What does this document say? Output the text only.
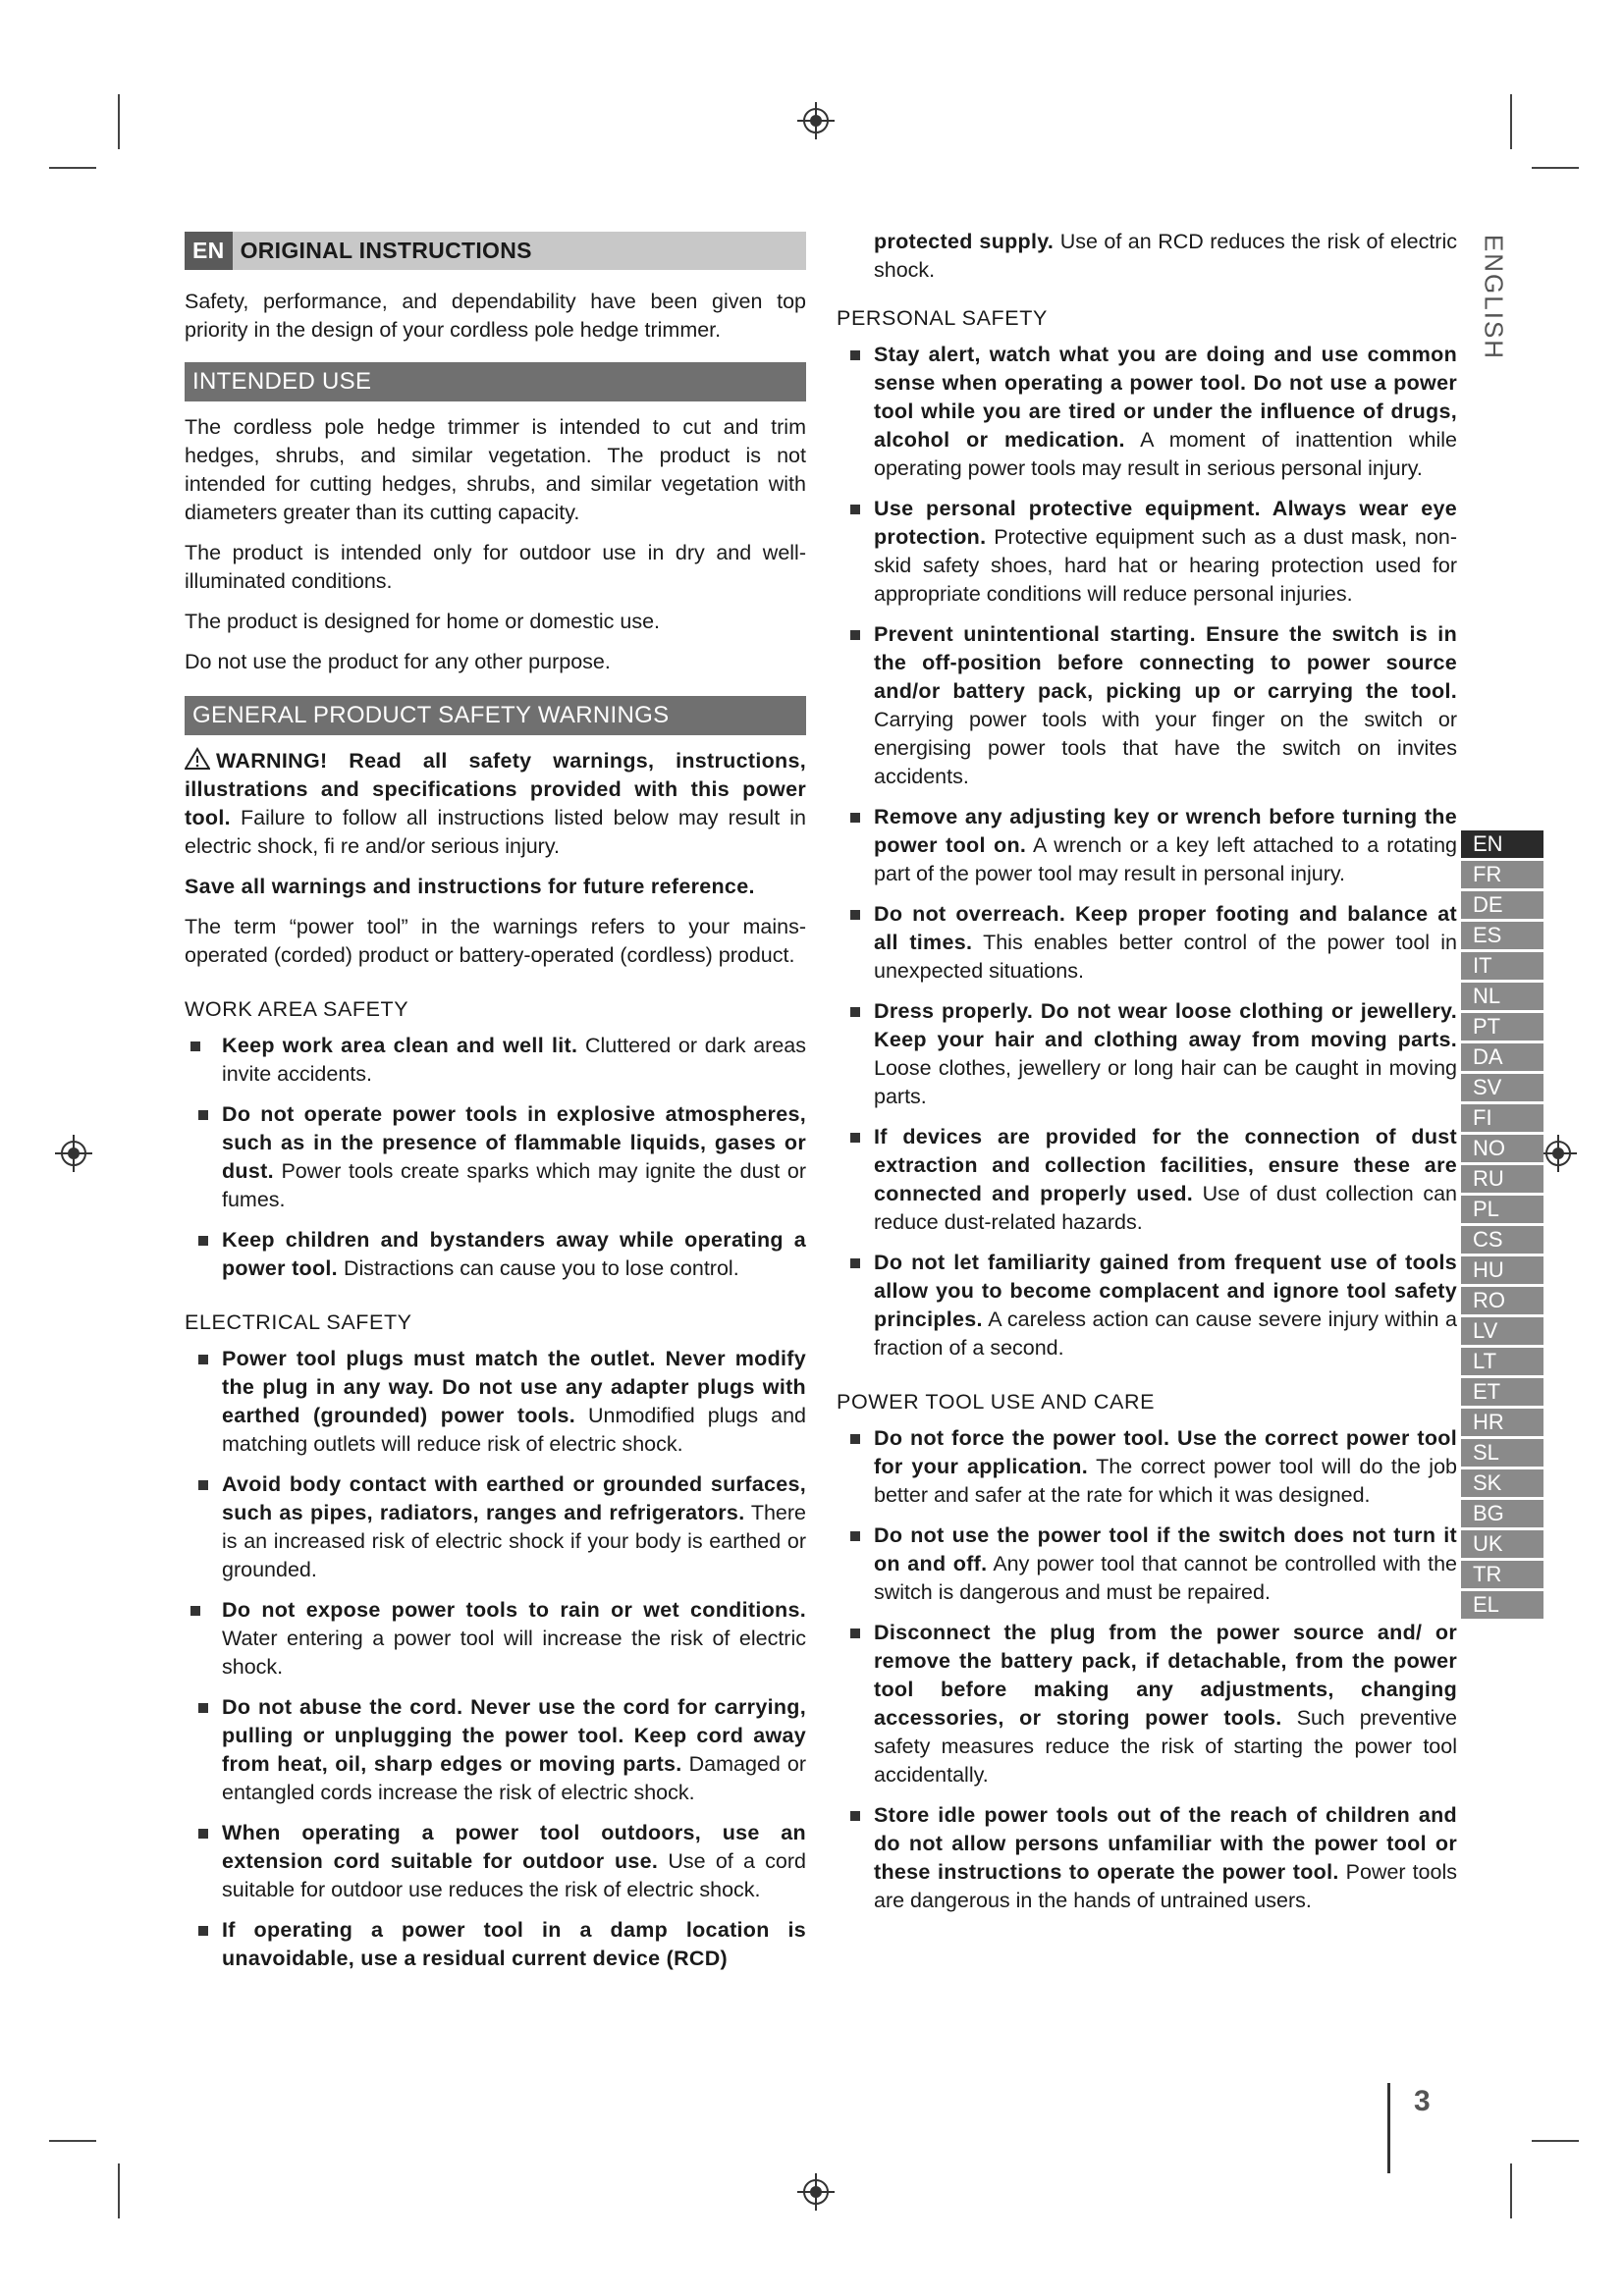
EN ORIGINAL INSTRUCTIONS

Safety, performance, and dependability have been given top priority in the design of your cordless pole hedge trimmer.

INTENDED USE

The cordless pole hedge trimmer is intended to cut and trim hedges, shrubs, and similar vegetation. The product is not intended for cutting hedges, shrubs, and similar vegetation with diameters greater than its cutting capacity.

The product is intended only for outdoor use in dry and well-illuminated conditions.

The product is designed for home or domestic use.

Do not use the product for any other purpose.

GENERAL PRODUCT SAFETY WARNINGS

WARNING! Read all safety warnings, instructions, illustrations and specifications provided with this power tool. Failure to follow all instructions listed below may result in electric shock, fi re and/or serious injury.

Save all warnings and instructions for future reference.

The term “power tool” in the warnings refers to your mains-operated (corded) product or battery-operated (cordless) product.

WORK AREA SAFETY
Keep work area clean and well lit. Cluttered or dark areas invite accidents.
Do not operate power tools in explosive atmospheres, such as in the presence of flammable liquids, gases or dust. Power tools create sparks which may ignite the dust or fumes.
Keep children and bystanders away while operating a power tool. Distractions can cause you to lose control.
ELECTRICAL SAFETY
Power tool plugs must match the outlet. Never modify the plug in any way. Do not use any adapter plugs with earthed (grounded) power tools. Unmodified plugs and matching outlets will reduce risk of electric shock.
Avoid body contact with earthed or grounded surfaces, such as pipes, radiators, ranges and refrigerators. There is an increased risk of electric shock if your body is earthed or grounded.
Do not expose power tools to rain or wet conditions. Water entering a power tool will increase the risk of electric shock.
Do not abuse the cord. Never use the cord for carrying, pulling or unplugging the power tool. Keep cord away from heat, oil, sharp edges or moving parts. Damaged or entangled cords increase the risk of electric shock.
When operating a power tool outdoors, use an extension cord suitable for outdoor use. Use of a cord suitable for outdoor use reduces the risk of electric shock.
If operating a power tool in a damp location is unavoidable, use a residual current device (RCD)

protected supply. Use of an RCD reduces the risk of electric shock.

PERSONAL SAFETY
Stay alert, watch what you are doing and use common sense when operating a power tool. Do not use a power tool while you are tired or under the influence of drugs, alcohol or medication. A moment of inattention while operating power tools may result in serious personal injury.
Use personal protective equipment. Always wear eye protection. Protective equipment such as a dust mask, non-skid safety shoes, hard hat or hearing protection used for appropriate conditions will reduce personal injuries.
Prevent unintentional starting. Ensure the switch is in the off-position before connecting to power source and/or battery pack, picking up or carrying the tool. Carrying power tools with your finger on the switch or energising power tools that have the switch on invites accidents.
Remove any adjusting key or wrench before turning the power tool on. A wrench or a key left attached to a rotating part of the power tool may result in personal injury.
Do not overreach. Keep proper footing and balance at all times. This enables better control of the power tool in unexpected situations.
Dress properly. Do not wear loose clothing or jewellery. Keep your hair and clothing away from moving parts. Loose clothes, jewellery or long hair can be caught in moving parts.
If devices are provided for the connection of dust extraction and collection facilities, ensure these are connected and properly used. Use of dust collection can reduce dust-related hazards.
Do not let familiarity gained from frequent use of tools allow you to become complacent and ignore tool safety principles. A careless action can cause severe injury within a fraction of a second.
POWER TOOL USE AND CARE
Do not force the power tool. Use the correct power tool for your application. The correct power tool will do the job better and safer at the rate for which it was designed.
Do not use the power tool if the switch does not turn it on and off. Any power tool that cannot be controlled with the switch is dangerous and must be repaired.
Disconnect the plug from the power source and/ or remove the battery pack, if detachable, from the power tool before making any adjustments, changing accessories, or storing power tools. Such preventive safety measures reduce the risk of starting the power tool accidentally.
Store idle power tools out of the reach of children and do not allow persons unfamiliar with the power tool or these instructions to operate the power tool. Power tools are dangerous in the hands of untrained users.
ENGLISH
EN
FR
DE
ES
IT
NL
PT
DA
SV
FI
NO
RU
PL
CS
HU
RO
LV
LT
ET
HR
SL
SK
BG
UK
TR
EL
3
